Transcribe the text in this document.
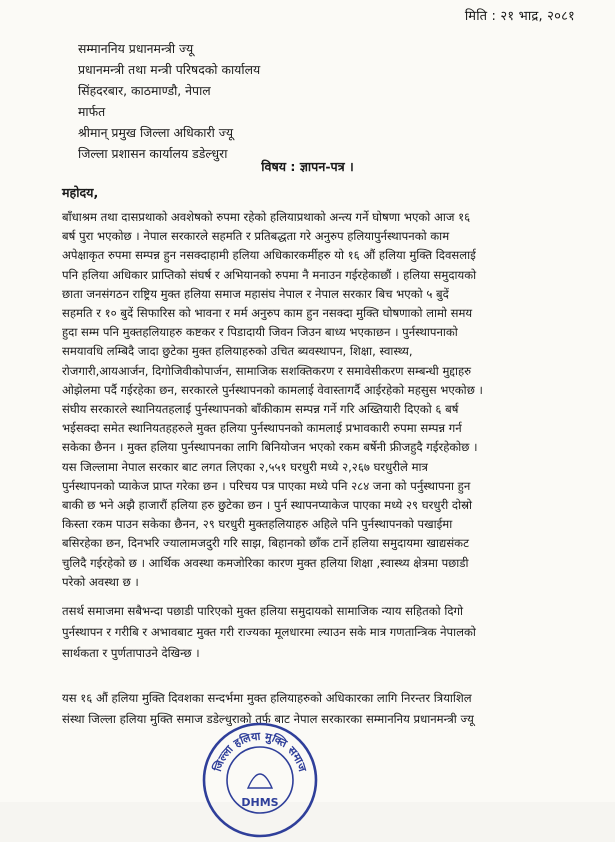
मिति : २१ भाद्र, २०८१
सम्माननिय प्रधानमन्त्री ज्यू
प्रधानमन्त्री तथा मन्त्री परिषदको कार्यालय
सिंहदरबार, काठमाण्डौ, नेपाल
मार्फत
श्रीमान् प्रमुख जिल्ला अधिकारी ज्यू
जिल्ला प्रशासन कार्यालय डडेल्धुरा
विषय : ज्ञापन-पत्र ।
महोदय,
बाँधाश्रम तथा दासप्रथाको अवशेषको रुपमा रहेको हलियाप्रथाको अन्त्य गर्ने घोषणा भएको आज १६
बर्ष पुरा भएकोछ । नेपाल सरकारले सहमति र प्रतिबद्धता गरे अनुरुप हलियापुर्नस्थापनको काम
अपेक्षाकृत रुपमा सम्पन्न हुन नसक्दाहामी हलिया अधिकारकर्मीहरु यो १६ औं हलिया मुक्ति दिवसलाई
पनि हलिया अधिकार प्राप्तिको संघर्ष र अभियानको रुपमा नै मनाउन गईरहेकाछौं । हलिया समुदायको
छाता जनसंगठन राष्ट्रिय मुक्त हलिया समाज महासंघ नेपाल र नेपाल सरकार बिच भएको ५ बुदें
सहमति र १० बुदें सिफारिस को भावना र मर्म अनुरुप काम हुन नसक्दा मुक्ति घोषणाको लामो समय
हुदा सम्म पनि मुक्तहलियाहरु कष्टकर र पिडादायी जिवन जिउन बाध्य भएकाछन । पुर्नस्थापनाको
समयावधि लम्बिदै जादा छुटेका मुक्त हलियाहरुको उचित ब्यवस्थापन, शिक्षा, स्वास्थ्य,
रोजगारी,आयआर्जन, दिगोजिवीकोपार्जन, सामाजिक सशक्तिकरण र समावेसीकरण सम्बन्धी मुद्दाहरु
ओझेलमा पर्दै गईरहेका छन, सरकारले पुर्नस्थापनको कामलाई वेवास्तागर्दै आईरहेको महसुस भएकोछ ।
संघीय सरकारले स्थानियतहलाई पुर्नस्थापनको बाँकीकाम सम्पन्न गर्ने गरि अख्तियारी दिएको ६ बर्ष
भईसक्दा समेत स्थानियतहहरुले मुक्त हलिया पुर्नस्थापनको कामलाई प्रभावकारी रुपमा सम्पन्न गर्न
सकेका छैनन । मुक्त हलिया पुर्नस्थापनका लागि बिनियोजन भएको रकम बर्षेनी फ्रीजहुदै गईरहेकोछ ।
यस जिल्लामा नेपाल सरकार बाट लगत लिएका २,५५१ घरधुरी मध्ये २,२६७ घरधुरीले मात्र
पुर्नस्थापनको प्याकेज प्राप्त गरेका छन । परिचय पत्र पाएका मध्ये पनि २८४ जना को पर्नुस्थापना हुन
बाकी छ भने अझै हाजारौं हलिया हरु छुटेका छन । पुर्न स्थापनप्याकेज पाएका मध्ये २९ घरधुरी दोस्रो
किस्ता रकम पाउन सकेका छैनन, २९ घरधुरी मुक्तहलियाहरु अहिले पनि पुर्नस्थापनको पखाईमा
बसिरहेका छन, दिनभरि ज्यालामजदुरी गरि साझ, बिहानको छाँक टार्ने हलिया समुदायमा खाद्यसंकट
चुलिदै गईरहेको छ । आर्थिक अवस्था कमजोरिका कारण मुक्त हलिया शिक्षा ,स्वास्थ्य क्षेत्रमा पछाडी
परेको अवस्था छ ।
तसर्थ समाजमा सबैभन्दा पछाडी पारिएको मुक्त हलिया समुदायको सामाजिक न्याय सहितको दिगो
पुर्नस्थापन र गरीबि र अभावबाट मुक्त गरी राज्यका मूलधारमा ल्याउन सके मात्र गणतान्त्रिक नेपालको
सार्थकता र पुर्णतापाउने देखिन्छ ।
यस १६ औं हलिया मुक्ति दिवशका सन्दर्भमा मुक्त हलियाहरुको अधिकारका लागि निरन्तर त्रियाशिल
संस्था जिल्ला हलिया मुक्ति समाज डडेल्धुराको तर्फ बाट नेपाल सरकारका सम्माननिय प्रधानमन्त्री ज्यू
जिल्ला हलिया मुक्ति समाज
DHMS
